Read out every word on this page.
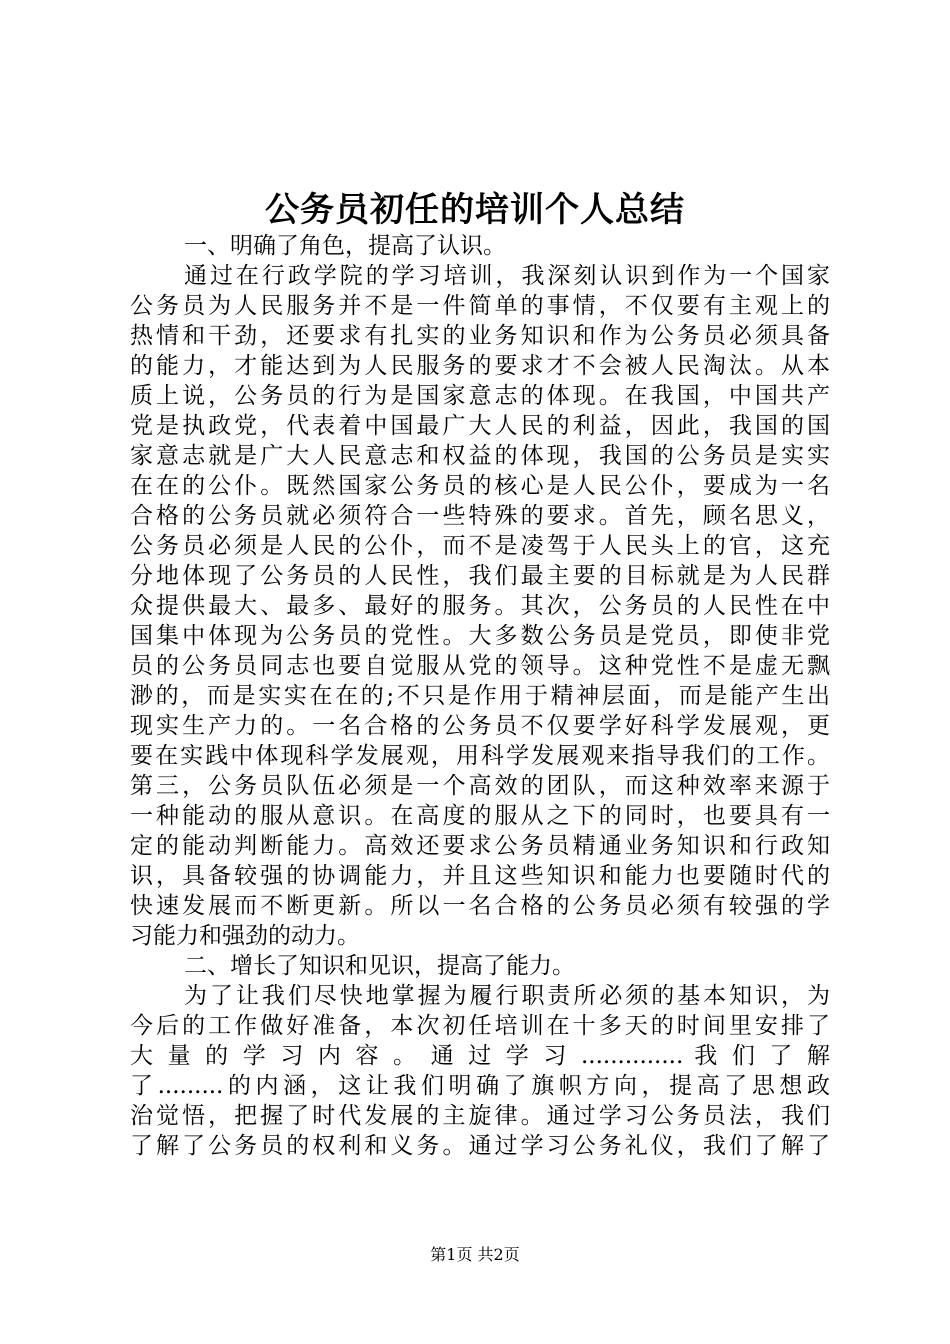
公务员初任的培训个人总结
一、明确了角色，提高了认识。
通过在行政学院的学习培训，我深刻认识到作为一个国家
公务员为人民服务并不是一件简单的事情，不仅要有主观上的
热情和干劲，还要求有扎实的业务知识和作为公务员必须具备
的能力，才能达到为人民服务的要求才不会被人民淘汰。从本
质上说，公务员的行为是国家意志的体现。在我国，中国共产
党是执政党，代表着中国最广大人民的利益，因此，我国的国
家意志就是广大人民意志和权益的体现，我国的公务员是实实
在在的公仆。既然国家公务员的核心是人民公仆，要成为一名
合格的公务员就必须符合一些特殊的要求。首先，顾名思义，
公务员必须是人民的公仆，而不是凌驾于人民头上的官，这充
分地体现了公务员的人民性，我们最主要的目标就是为人民群
众提供最大、最多、最好的服务。其次，公务员的人民性在中
国集中体现为公务员的党性。大多数公务员是党员，即使非党
员的公务员同志也要自觉服从党的领导。这种党性不是虚无飘
渺的，而是实实在在的;不只是作用于精神层面，而是能产生出
现实生产力的。一名合格的公务员不仅要学好科学发展观，更
要在实践中体现科学发展观，用科学发展观来指导我们的工作。
第三，公务员队伍必须是一个高效的团队，而这种效率来源于
一种能动的服从意识。在高度的服从之下的同时，也要具有一
定的能动判断能力。高效还要求公务员精通业务知识和行政知
识，具备较强的协调能力，并且这些知识和能力也要随时代的
快速发展而不断更新。所以一名合格的公务员必须有较强的学
习能力和强劲的动力。
二、增长了知识和见识，提高了能力。
为了让我们尽快地掌握为履行职责所必须的基本知识，为
今后的工作做好准备，本次初任培训在十多天的时间里安排了
大 量 的 学 习 内 容 。 通 过 学 习 .............. 我 们 了 解
了.........的内涵，这让我们明确了旗帜方向，提高了思想政
治觉悟，把握了时代发展的主旋律。通过学习公务员法，我们
了解了公务员的权利和义务。通过学习公务礼仪，我们了解了
第1页 共2页
